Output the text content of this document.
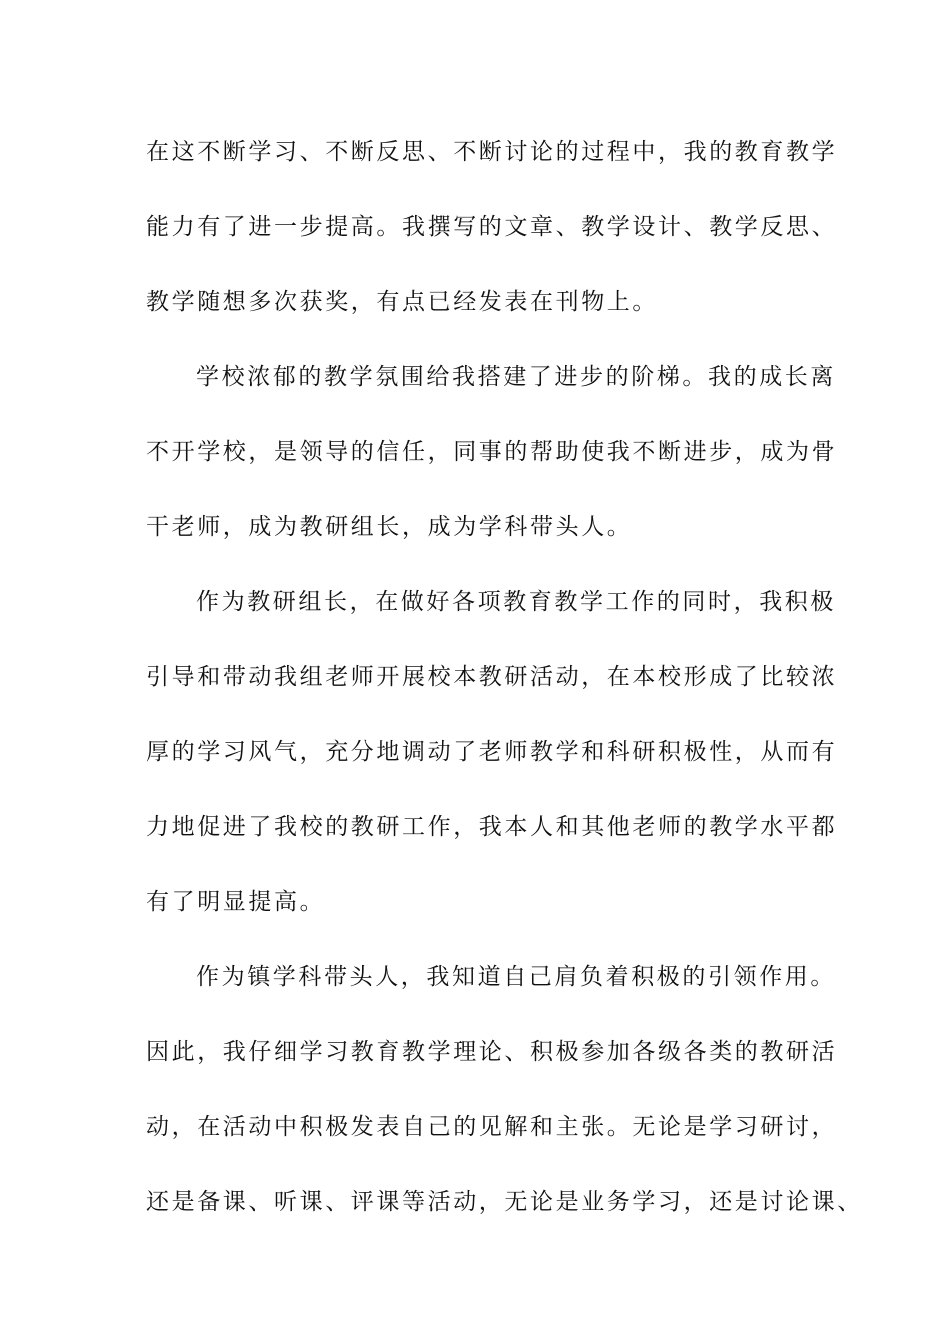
在这不断学习、不断反思、不断讨论的过程中，我的教育教学
能力有了进一步提高。我撰写的文章、教学设计、教学反思、
教学随想多次获奖，有点已经发表在刊物上。
学校浓郁的教学氛围给我搭建了进步的阶梯。我的成长离
不开学校，是领导的信任，同事的帮助使我不断进步，成为骨
干老师，成为教研组长，成为学科带头人。
作为教研组长，在做好各项教育教学工作的同时，我积极
引导和带动我组老师开展校本教研活动，在本校形成了比较浓
厚的学习风气，充分地调动了老师教学和科研积极性，从而有
力地促进了我校的教研工作，我本人和其他老师的教学水平都
有了明显提高。
作为镇学科带头人，我知道自己肩负着积极的引领作用。
因此，我仔细学习教育教学理论、积极参加各级各类的教研活
动，在活动中积极发表自己的见解和主张。无论是学习研讨，
还是备课、听课、评课等活动，无论是业务学习，还是讨论课、
